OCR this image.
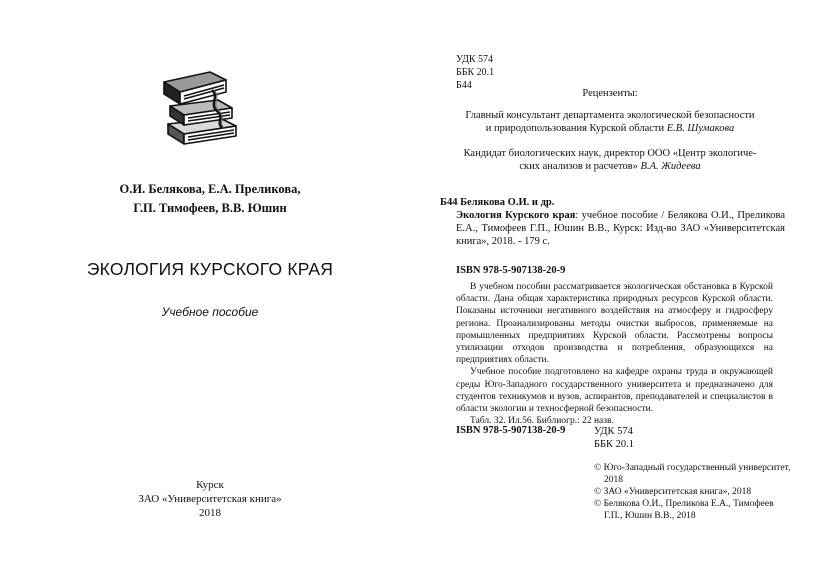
О.И. Белякова, Е.А. Преликова,
Г.П. Тимофеев, В.В. Юшин
ЭКОЛОГИЯ КУРСКОГО КРАЯ
Учебное пособие
Курск
ЗАО «Университетская книга»
2018
УДК 574
ББК 20.1
Б44
Рецензенты:
Главный консультант департамента экологической безопасности
и природопользования Курской области Е.В. Шумакова
Кандидат биологических наук, директор ООО «Центр экологиче-
ских анализов и расчетов» В.А. Жидеева
Б44 Белякова О.И. и др.
Экология Курского края: учебное пособие / Белякова О.И., Преликова Е.А., Тимофеев Г.П., Юшин В.В., Курск: Изд-во ЗАО «Университетская книга», 2018. - 179 с.
ISBN 978-5-907138-20-9

В учебном пособии рассматривается экологическая обстановка в Курской области. Дана общая характеристика природных ресурсов Курской области. Показаны источники негативного воздействия на атмосферу и гидросферу региона. Проанализированы методы очистки выбросов, применяемые на промышленных предприятиях Курской области. Рассмотрены вопросы утилизации отходов производства и потребления, образующихся на предприятиях области.

Учебное пособие подготовлено на кафедре охраны труда и окружающей среды Юго-Западного государственного университета и предназначено для студентов техникумов и вузов, аспирантов, преподавателей и специалистов в области экологии и техносферной безопасности.

Табл. 32. Ил.56. Библиогр.: 22 назв.

ISBN 978-5-907138-20-9	УДК 574
ББК 20.1
© Юго-Западный государственный университет, 2018
© ЗАО «Университетская книга», 2018
© Белякова О.И., Преликова Е.А., Тимофеев Г.П., Юшин В.В., 2018
